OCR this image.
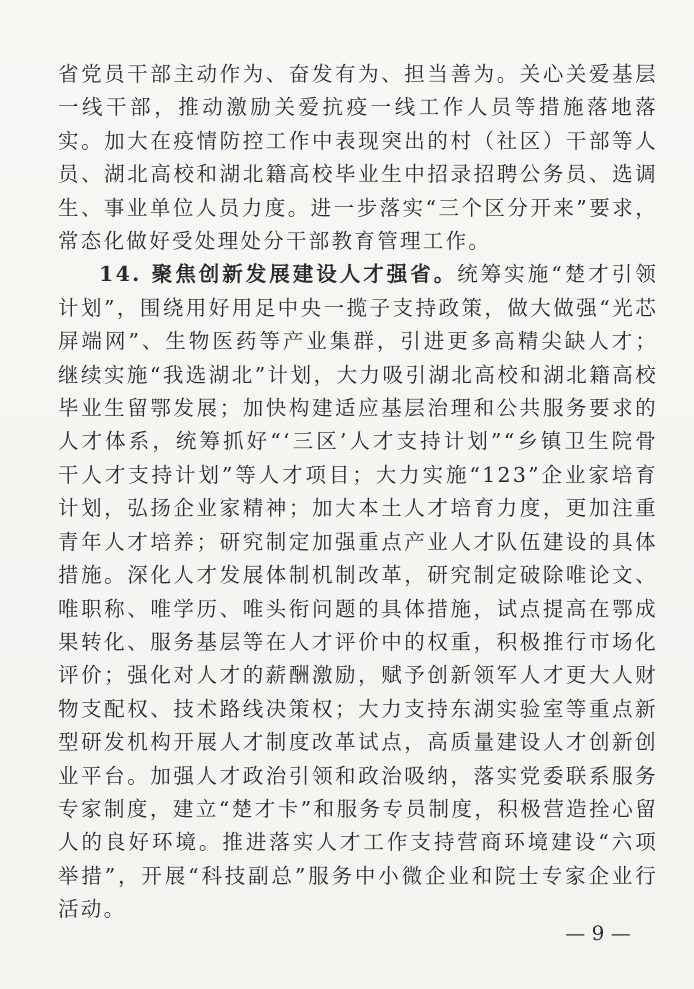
省党员干部主动作为、奋发有为、担当善为。关心关爱基层一线干部，推动激励关爱抗疫一线工作人员等措施落地落实。加大在疫情防控工作中表现突出的村（社区）干部等人员、湖北高校和湖北籍高校毕业生中招录招聘公务员、选调生、事业单位人员力度。进一步落实“三个区分开来”要求，常态化做好受处理处分干部教育管理工作。

14. 聚焦创新发展建设人才强省。统筹实施“楚才引领计划”，围绕用好用足中央一揽子支持政策，做大做强“光芯屏端网”、生物医药等产业集群，引进更多高精尖缺人才；继续实施“我选湖北”计划，大力吸引湖北高校和湖北籍高校毕业生留鄂发展；加快构建适应基层治理和公共服务要求的人才体系，统筹抓好“‘三区’人才支持计划”“乡镇卫生院骨干人才支持计划”等人才项目；大力实施“123”企业家培育计划，弘扬企业家精神；加大本土人才培育力度，更加注重青年人才培养；研究制定加强重点产业人才队伍建设的具体措施。深化人才发展体制机制改革，研究制定破除唯论文、唯职称、唯学历、唯头衔问题的具体措施，试点提高在鄂成果转化、服务基层等在人才评价中的权重，积极推行市场化评价；强化对人才的薪酬激励，赋予创新领军人才更大人财物支配权、技术路线决策权；大力支持东湖实验室等重点新型研发机构开展人才制度改革试点，高质量建设人才创新创业平台。加强人才政治引领和政治吸纳，落实党委联系服务专家制度，建立“楚才卡”和服务专员制度，积极营造拴心留人的良好环境。推进落实人才工作支持营商环境建设“六项举措”，开展“科技副总”服务中小微企业和院士专家企业行活动。

— 9 —
